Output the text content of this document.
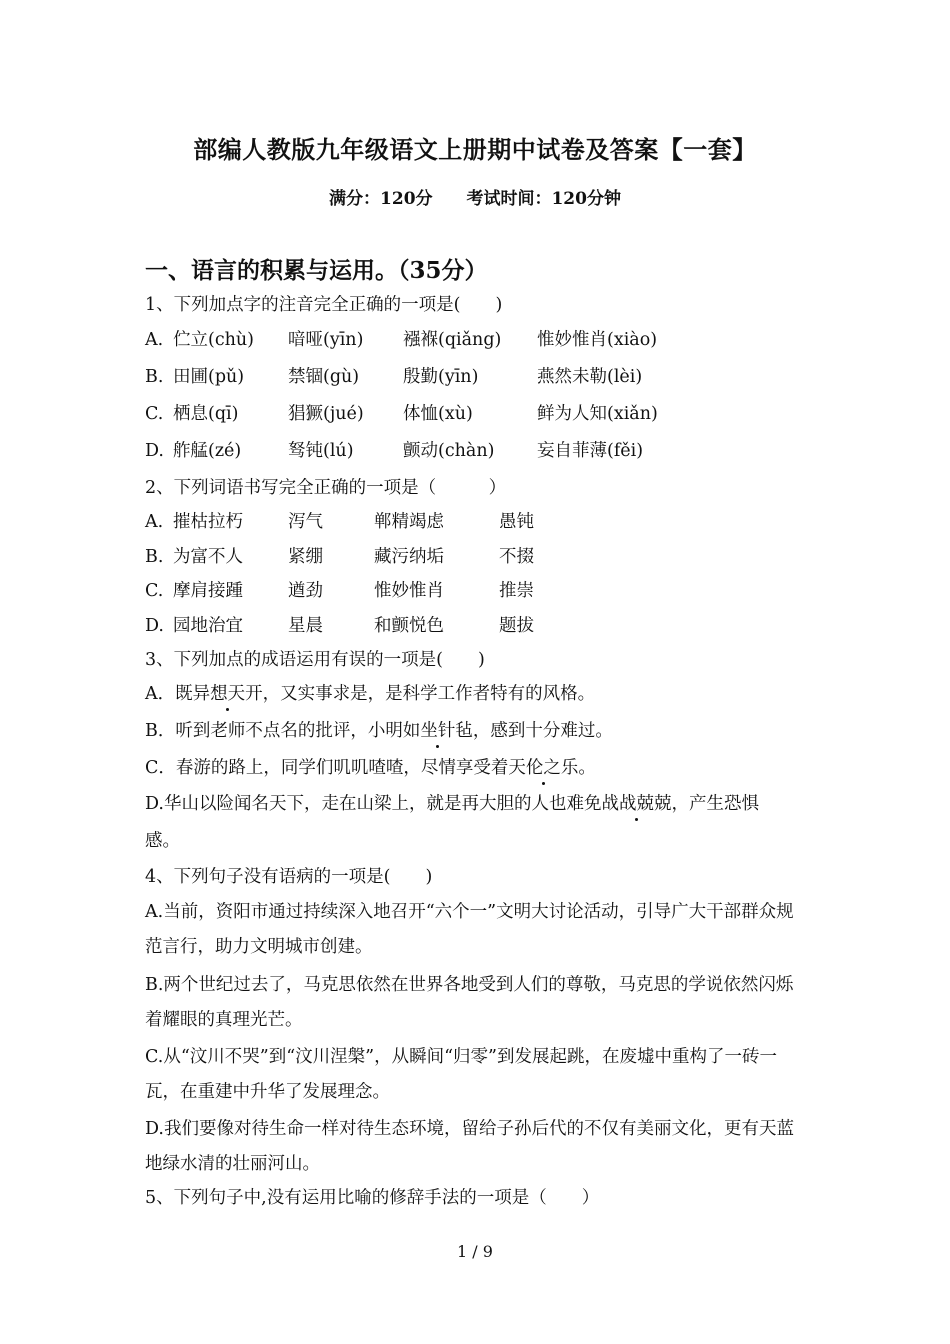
部编人教版九年级语文上册期中试卷及答案【一套】
满分：120分 考试时间：120分钟
一、语言的积累与运用。（35分）
1、下列加点字的注音完全正确的一项是(　　)
A. 伫立(chù) 喑哑(yīn) 襁褓(qiǎng) 惟妙惟肖(xiào)
B. 田圃(pǔ)	禁锢(gù)	殷勤(yīn)	燕然未勒(lèi)
C. 栖息(qī)	猖獗(jué) 体恤(xù)	鲜为人知(xiǎn)
D. 舴艋(zé)	驽钝(lú)	颤动(chàn) 妄自菲薄(fěi)
2、下列词语书写完全正确的一项是（　　　）
A. 摧枯拉朽	泻气	郸精竭虑	愚钝
B. 为富不人	紧绷	藏污纳垢	不掇
C. 摩肩接踵	遒劲	惟妙惟肖	推崇
D. 园地治宜	星晨	和颤悦色	题拔
3、下列加点的成语运用有误的一项是(　　)
A．既异想天开，又实事求是，是科学工作者特有的风格。
B．听到老师不点名的批评，小明如坐针毡，感到十分难过。
C．春游的路上，同学们叽叽喳喳，尽情享受着天伦之乐。
D.华山以险闻名天下，走在山梁上，就是再大胆的人也难免战战兢兢，产生恐惧
感。
4、下列句子没有语病的一项是(　　)
A.当前，资阳市通过持续深入地召开“六个一”文明大讨论活动，引导广大干部群众规范言行，助力文明城市创建。
B.两个世纪过去了，马克思依然在世界各地受到人们的尊敬，马克思的学说依然闪烁着耀眼的真理光芒。
C.从“汶川不哭”到“汶川涅槃”，从瞬间“归零”到发展起跳，在废墟中重构了一砖一瓦，在重建中升华了发展理念。
D.我们要像对待生命一样对待生态环境，留给子孙后代的不仅有美丽文化，更有天蓝地绿水清的壮丽河山。
5、下列句子中,没有运用比喻的修辞手法的一项是（　　）
1 / 9
